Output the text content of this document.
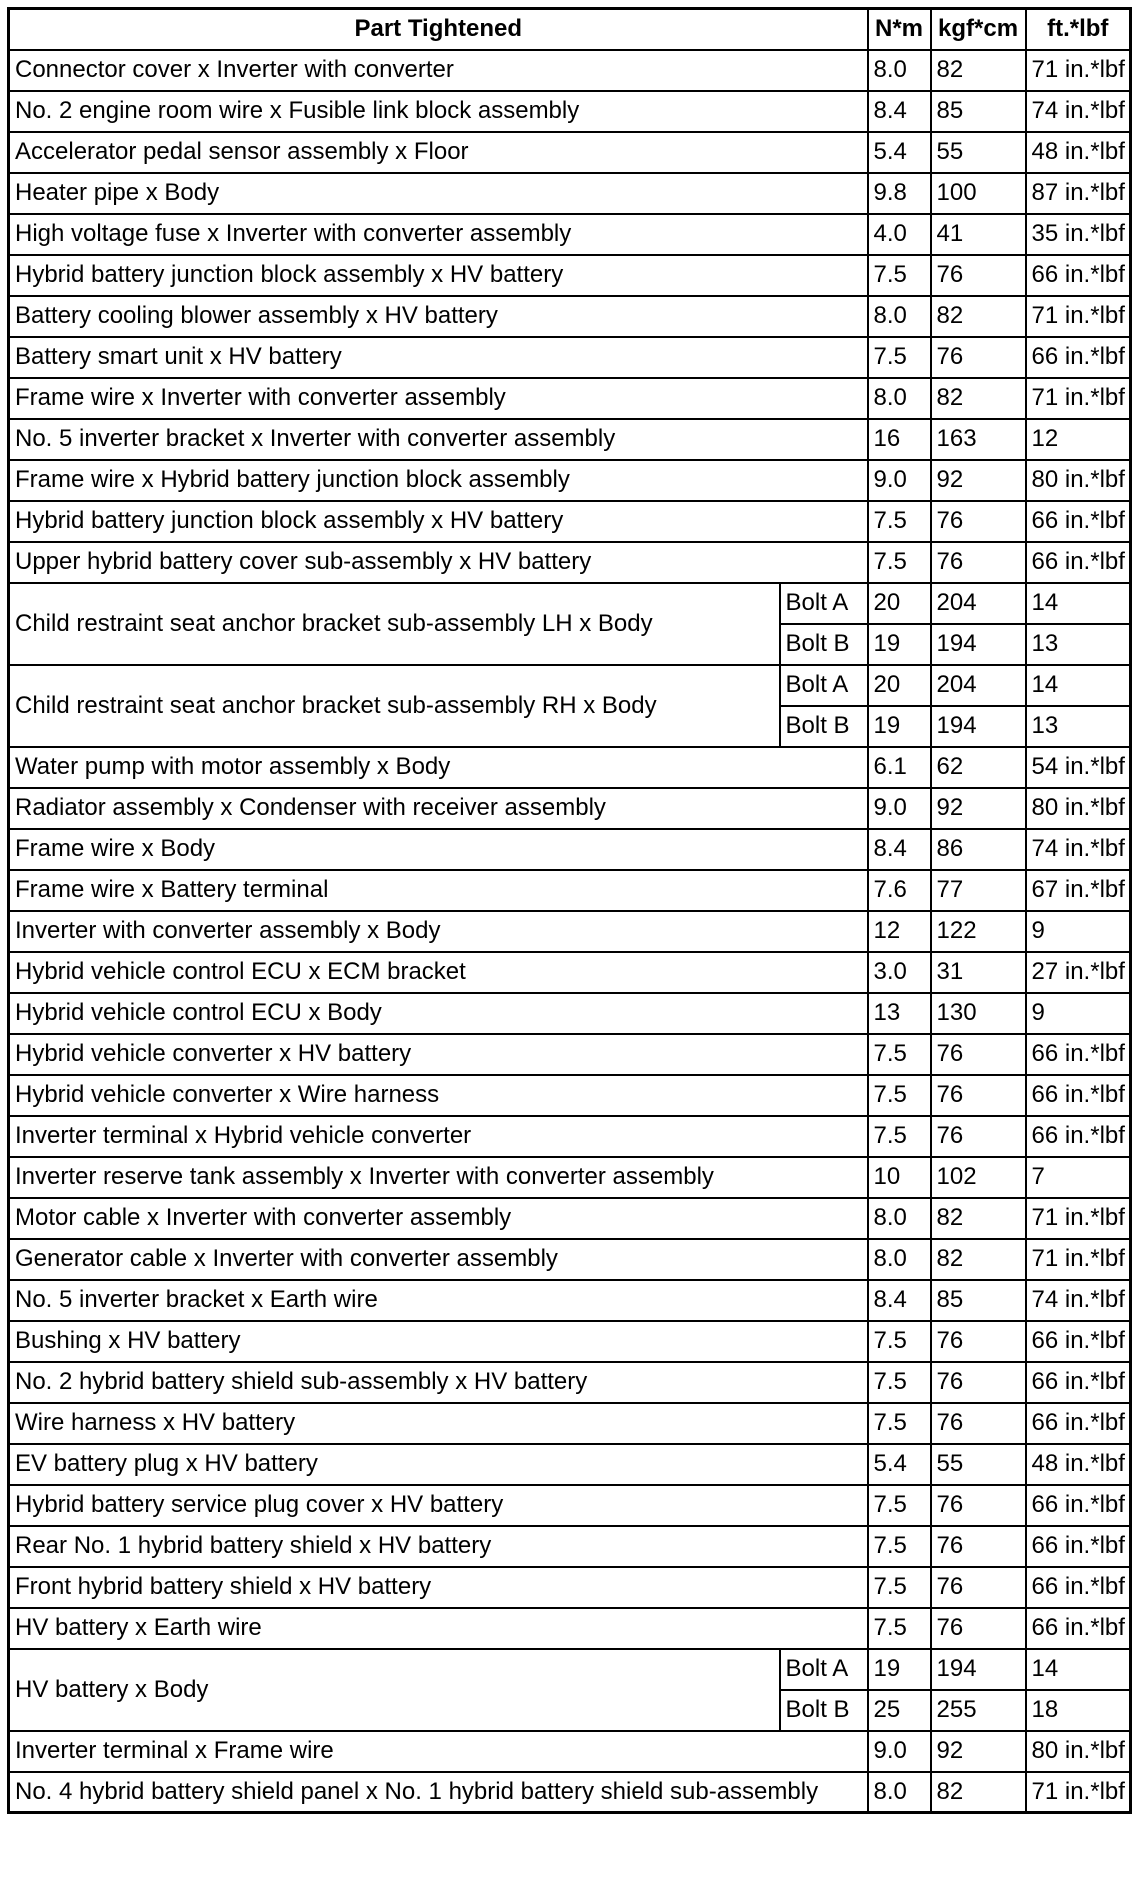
Part Tightened		N*m	kgf*cm	ft.*lbf
Connector cover x Inverter with converter		8.0	82	71 in.*lbf
No. 2 engine room wire x Fusible link block assembly		8.4	85	74 in.*lbf
Accelerator pedal sensor assembly x Floor		5.4	55	48 in.*lbf
Heater pipe x Body		9.8	100	87 in.*lbf
High voltage fuse x Inverter with converter assembly		4.0	41	35 in.*lbf
Hybrid battery junction block assembly x HV battery		7.5	76	66 in.*lbf
Battery cooling blower assembly x HV battery		8.0	82	71 in.*lbf
Battery smart unit x HV battery		7.5	76	66 in.*lbf
Frame wire x Inverter with converter assembly		8.0	82	71 in.*lbf
No. 5 inverter bracket x Inverter with converter assembly		16	163	12
Frame wire x Hybrid battery junction block assembly		9.0	92	80 in.*lbf
Hybrid battery junction block assembly x HV battery		7.5	76	66 in.*lbf
Upper hybrid battery cover sub-assembly x HV battery		7.5	76	66 in.*lbf
Child restraint seat anchor bracket sub-assembly LH x Body	Bolt A	20	204	14
	Bolt B	19	194	13
Child restraint seat anchor bracket sub-assembly RH x Body	Bolt A	20	204	14
	Bolt B	19	194	13
Water pump with motor assembly x Body		6.1	62	54 in.*lbf
Radiator assembly x Condenser with receiver assembly		9.0	92	80 in.*lbf
Frame wire x Body		8.4	86	74 in.*lbf
Frame wire x Battery terminal		7.6	77	67 in.*lbf
Inverter with converter assembly x Body		12	122	9
Hybrid vehicle control ECU x ECM bracket		3.0	31	27 in.*lbf
Hybrid vehicle control ECU x Body		13	130	9
Hybrid vehicle converter x HV battery		7.5	76	66 in.*lbf
Hybrid vehicle converter x Wire harness		7.5	76	66 in.*lbf
Inverter terminal x Hybrid vehicle converter		7.5	76	66 in.*lbf
Inverter reserve tank assembly x Inverter with converter assembly		10	102	7
Motor cable x Inverter with converter assembly		8.0	82	71 in.*lbf
Generator cable x Inverter with converter assembly		8.0	82	71 in.*lbf
No. 5 inverter bracket x Earth wire		8.4	85	74 in.*lbf
Bushing x HV battery		7.5	76	66 in.*lbf
No. 2 hybrid battery shield sub-assembly x HV battery		7.5	76	66 in.*lbf
Wire harness x HV battery		7.5	76	66 in.*lbf
EV battery plug x HV battery		5.4	55	48 in.*lbf
Hybrid battery service plug cover x HV battery		7.5	76	66 in.*lbf
Rear No. 1 hybrid battery shield x HV battery		7.5	76	66 in.*lbf
Front hybrid battery shield x HV battery		7.5	76	66 in.*lbf
HV battery x Earth wire		7.5	76	66 in.*lbf
HV battery x Body	Bolt A	19	194	14
	Bolt B	25	255	18
Inverter terminal x Frame wire		9.0	92	80 in.*lbf
No. 4 hybrid battery shield panel x No. 1 hybrid battery shield sub-assembly		8.0	82	71 in.*lbf
